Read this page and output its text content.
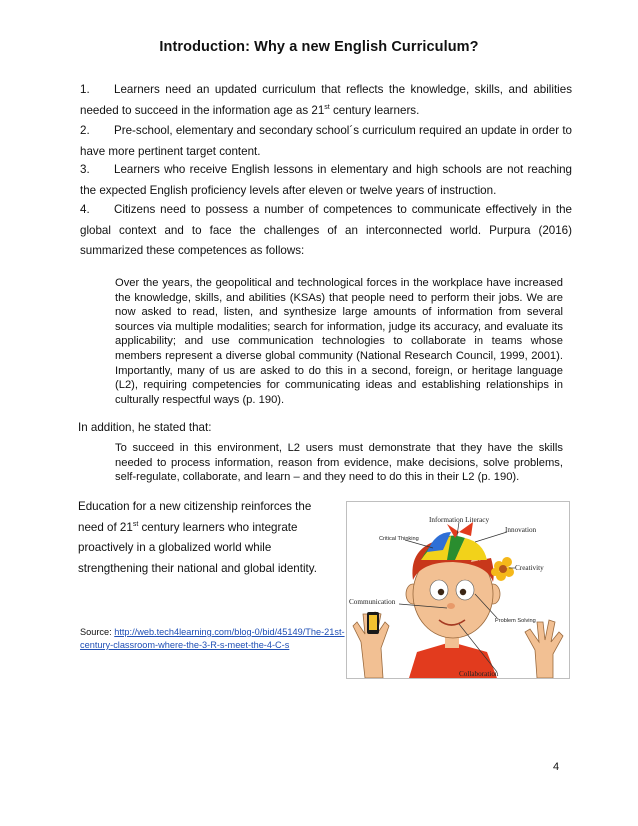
Introduction: Why a new English Curriculum?
1. Learners need an updated curriculum that reflects the knowledge, skills, and abilities needed to succeed in the information age as 21st century learners.
2. Pre-school, elementary and secondary school´s curriculum required an update in order to have more pertinent target content.
3. Learners who receive English lessons in elementary and high schools are not reaching the expected English proficiency levels after eleven or twelve years of instruction.
4. Citizens need to possess a number of competences to communicate effectively in the global context and to face the challenges of an interconnected world. Purpura (2016) summarized these competences as follows:
Over the years, the geopolitical and technological forces in the workplace have increased the knowledge, skills, and abilities (KSAs) that people need to perform their jobs. We are now asked to read, listen, and synthesize large amounts of information from several sources via multiple modalities; search for information, judge its accuracy, and evaluate its applicability; and use communication technologies to collaborate in teams whose members represent a diverse global community (National Research Council, 1999, 2001). Importantly, many of us are asked to do this in a second, foreign, or heritage language (L2), requiring competencies for communicating ideas and establishing relationships in culturally respectful ways (p. 190).
In addition, he stated that:
To succeed in this environment, L2 users must demonstrate that they have the skills needed to process information, reason from evidence, make decisions, solve problems, self-regulate, collaborate, and learn – and they need to do this in their L2 (p. 190).
Education for a new citizenship reinforces the need of 21st century learners who integrate proactively in a globalized world while strengthening their national and global identity.
Source: http://web.tech4learning.com/blog-0/bid/45149/The-21st-century-classroom-where-the-3-R-s-meet-the-4-C-s
Information Literacy
Innovation
Critical Thinking
Creativity
Communication
Problem Solving
Collaboration
4
